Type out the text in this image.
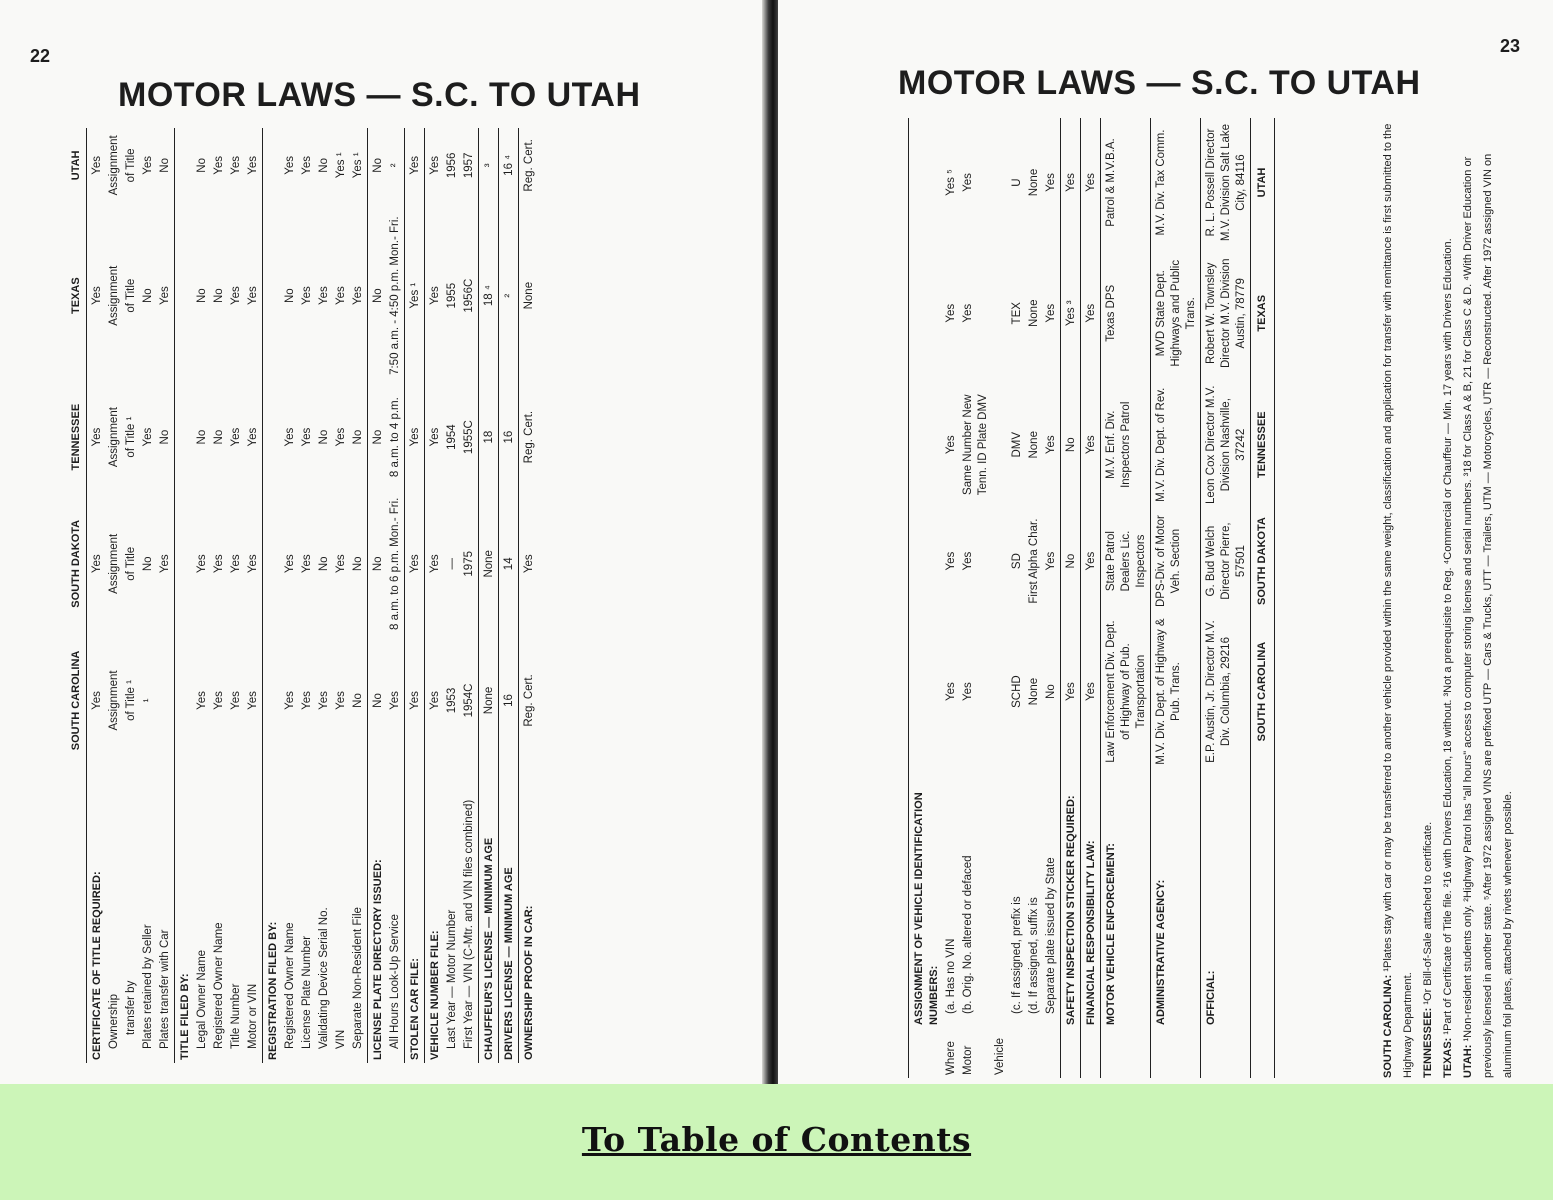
22
MOTOR LAWS — S.C. TO UTAH
	SOUTH CAROLINA	SOUTH DAKOTA	TENNESSEE	TEXAS	UTAH
CERTIFICATE OF TITLE REQUIRED:	Yes	Yes	Yes	Yes	Yes
Ownership	Assignment	Assignment	Assignment	Assignment	Assignment
transfer by	of Title ¹	of Title	of Title ¹	of Title	of Title
Plates retained by Seller	¹	No	Yes	No	Yes
Plates transfer with Car		Yes	No	Yes	No
TITLE FILED BY:					
Legal Owner Name	Yes	Yes	No	No	No
Registered Owner Name	Yes	Yes	No	No	Yes
Title Number	Yes	Yes	Yes	Yes	Yes
Motor or VIN	Yes	Yes	Yes	Yes	Yes
REGISTRATION FILED BY:					
Registered Owner Name	Yes	Yes	Yes	No	Yes
License Plate Number	Yes	Yes	Yes	Yes	Yes
Validating Device Serial No.	Yes	No	No	Yes	No
VIN	Yes	Yes	Yes	Yes	Yes ¹
Separate Non-Resident File	No	No	No	Yes	Yes ¹
LICENSE PLATE DIRECTORY ISSUED:	No	No	No	No	No
All Hours Look-Up Service	Yes	8 a.m. to 6 p.m. Mon.- Fri.	8 a.m. to 4 p.m.	7:50 a.m. - 4:50 p.m. Mon.- Fri.	²
STOLEN CAR FILE:	Yes	Yes	Yes	Yes ¹	Yes
VEHICLE NUMBER FILE:	Yes	Yes	Yes	Yes	Yes
Last Year — Motor Number	1953	—	1954	1955	1956
First Year — VIN (C-Mtr. and VIN files combined)	1954C	1975	1955C	1956C	1957
CHAUFFEUR'S LICENSE — MINIMUM AGE	None	None	18	18 ⁴	³
DRIVERS LICENSE — MINIMUM AGE	16	14	16	²	16 ⁴
OWNERSHIP PROOF IN CAR:	Reg. Cert.	Yes	Reg. Cert.	None	Reg. Cert.
23
MOTOR LAWS — S.C. TO UTAH
	ASSIGNMENT OF VEHICLE IDENTIFICATION NUMBERS:					
Where	(a. Has no VIN	Yes	Yes	Yes	Yes	Yes ⁵
Motor	(b. Orig. No. altered or defaced	Yes	Yes	Same Number New Tenn. ID Plate DMV	Yes	Yes
Vehicle						
	(c. If assigned, prefix is	SCHD	SD	DMV	TEX	U
	(d. If assigned, suffix is	None	First Alpha Char.	None	None	None
	Separate plate issued by State	No	Yes	Yes	Yes	Yes
	SAFETY INSPECTION STICKER REQUIRED:	Yes	No	No	Yes ³	Yes
	FINANCIAL RESPONSIBILITY LAW:	Yes	Yes	Yes	Yes	Yes
	MOTOR VEHICLE ENFORCEMENT:	Law Enforcement Div. Dept. of Highway of Pub. Transportation	State Patrol Dealers Lic. Inspectors	M.V. Enf. Div. Inspectors Patrol	Texas DPS	Patrol & M.V.B.A.
	ADMINISTRATIVE AGENCY:	M.V. Div. Dept. of Highway & Pub. Trans.	DPS-Div. of Motor Veh. Section	M.V. Div. Dept. of Rev.	MVD State Dept. Highways and Public Trans.	M.V. Div. Tax Comm.
	OFFICIAL:	E.P. Austin, Jr. Director M.V. Div. Columbia, 29216	G. Bud Welch Director Pierre, 57501	Leon Cox Director M.V. Division Nashville, 37242	Robert W. Townsley Director M.V. Division Austin, 78779	R. L. Possell Director M.V. Division Salt Lake City, 84116
		SOUTH CAROLINA	SOUTH DAKOTA	TENNESSEE	TEXAS	UTAH

SOUTH CAROLINA: ¹Plates stay with car or may be transferred to another vehicle provided within the same weight, classification and application for transfer with remittance is first submitted to the Highway Department. TENNESSEE: ¹Or Bill-of-Sale attached to certificate.

TEXAS: ¹Part of Certificate of Title file. ²16 with Drivers Education, 18 without. ³Not a prerequisite to Reg. ⁴Commercial or Chauffeur — Min. 17 years with Drivers Education.

UTAH: ¹Non-resident students only. ²Highway Patrol has "all hours" access to computer storing license and serial numbers. ³18 for Class A & B, 21 for Class C & D. ⁴With Driver Education or previously licensed in another state. ⁵After 1972 assigned VINS are prefixed UTP — Cars & Trucks, UTT — Trailers, UTM — Motorcycles, UTR — Reconstructed. After 1972 assigned VIN on aluminum foil plates, attached by rivets whenever possible.

To Table of Contents
